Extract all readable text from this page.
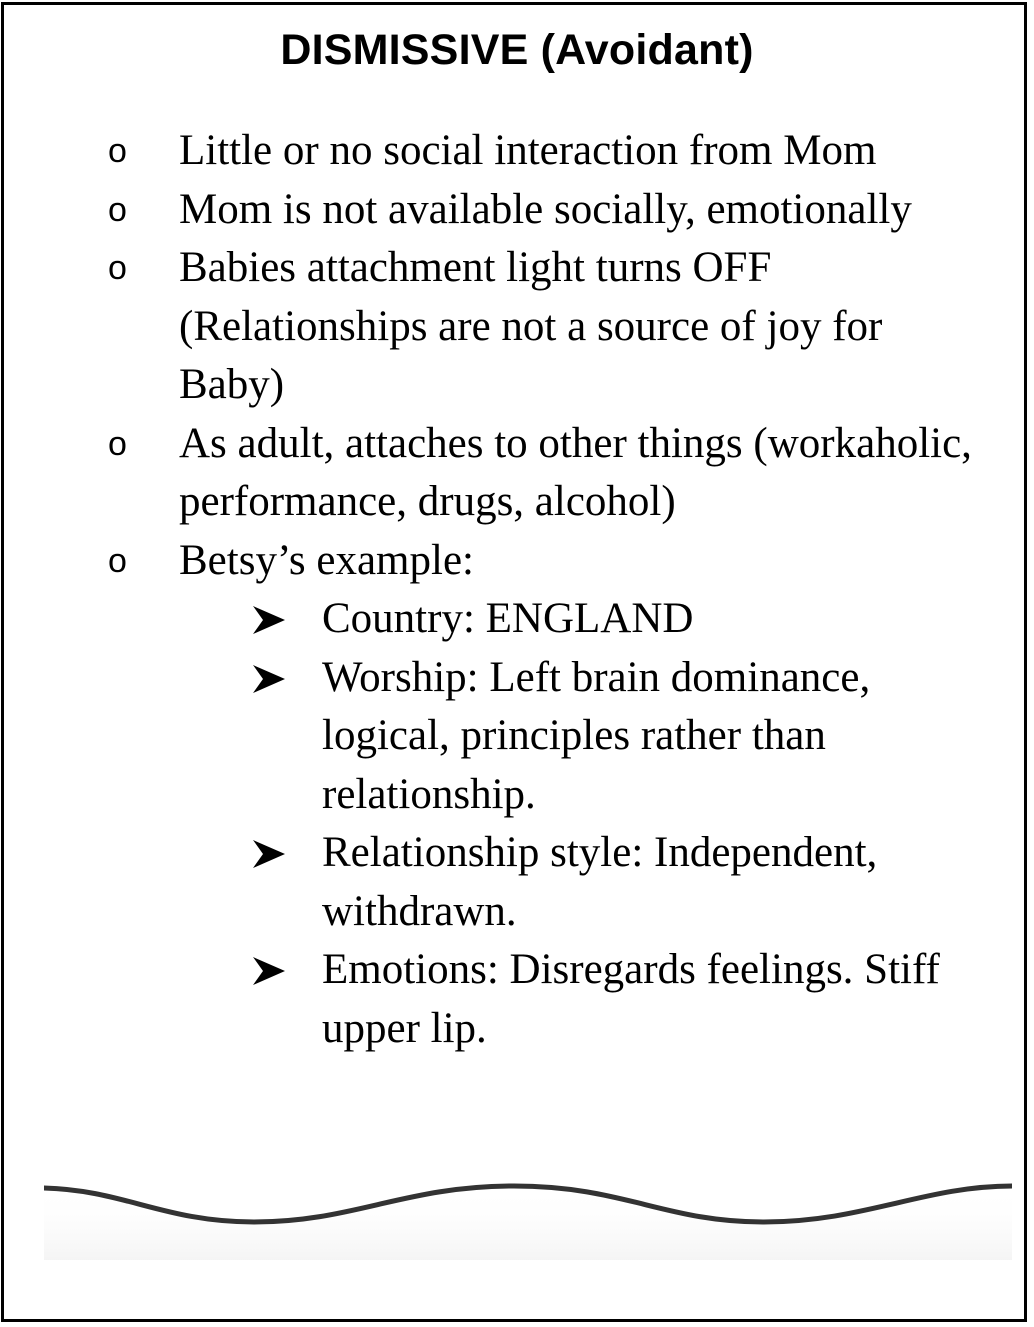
DISMISSIVE (Avoidant)
o Little or no social interaction from Mom
o Mom is not available socially, emotionally
o Babies attachment light turns OFF (Relationships are not a source of joy for Baby)
o As adult, attaches to other things (workaholic, performance, drugs, alcohol)
o Betsy’s example:
Country: ENGLAND
Worship: Left brain dominance, logical, principles rather than relationship.
Relationship style: Independent, withdrawn.
Emotions: Disregards feelings. Stiff upper lip.
